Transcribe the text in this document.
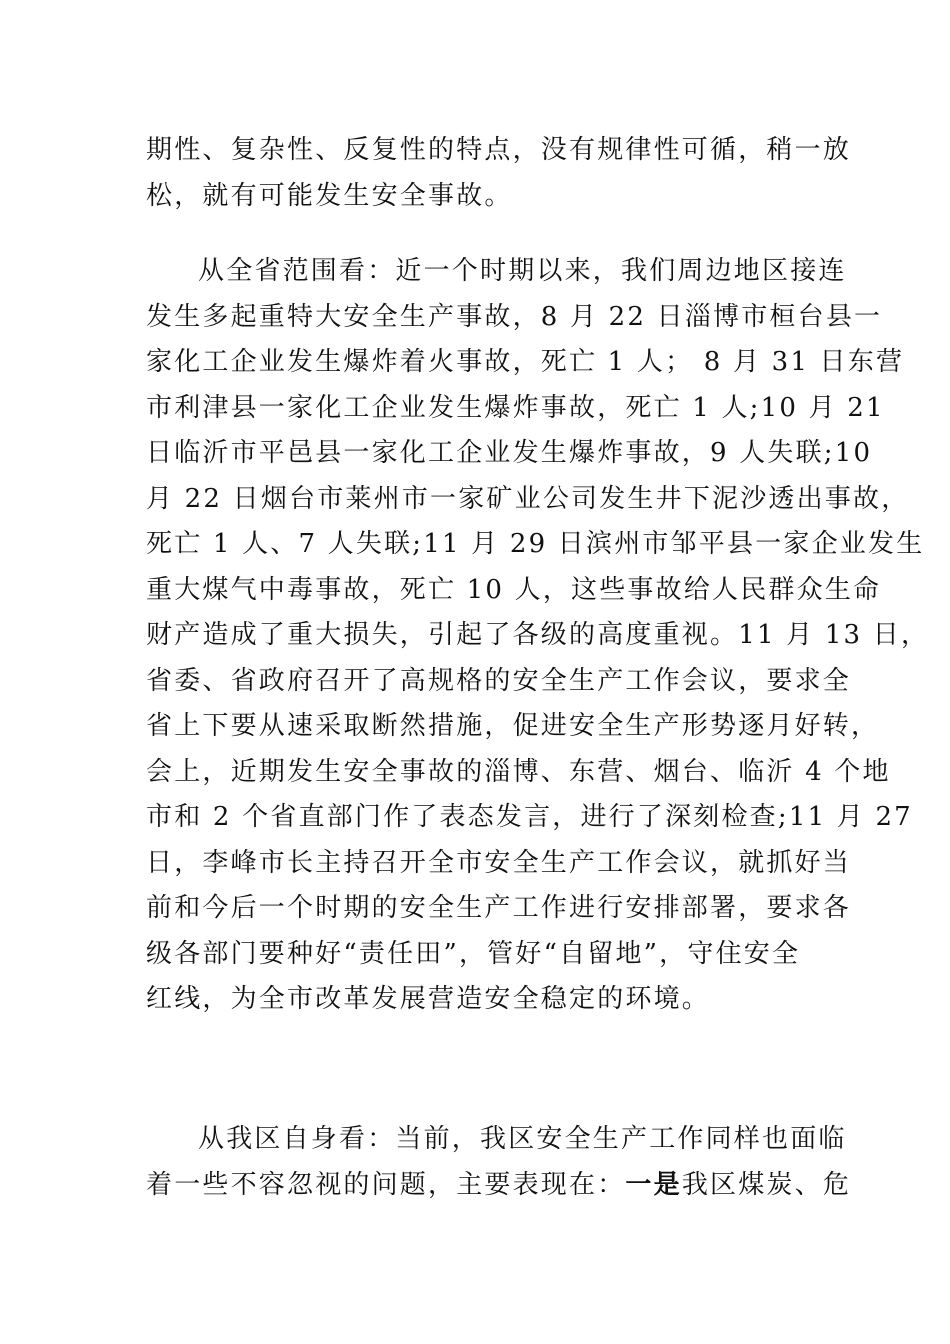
期性、复杂性、反复性的特点，没有规律性可循，稍一放
松，就有可能发生安全事故。
从全省范围看：近一个时期以来，我们周边地区接连
发生多起重特大安全生产事故，8 月 22 日淄博市桓台县一
家化工企业发生爆炸着火事故，死亡 1 人； 8 月 31 日东营
市利津县一家化工企业发生爆炸事故，死亡 1 人;10 月 21
日临沂市平邑县一家化工企业发生爆炸事故，9 人失联;10
月 22 日烟台市莱州市一家矿业公司发生井下泥沙透出事故，
死亡 1 人、7 人失联;11 月 29 日滨州市邹平县一家企业发生
重大煤气中毒事故，死亡 10 人，这些事故给人民群众生命
财产造成了重大损失，引起了各级的高度重视。11 月 13 日，
省委、省政府召开了高规格的安全生产工作会议，要求全
省上下要从速采取断然措施，促进安全生产形势逐月好转，
会上，近期发生安全事故的淄博、东营、烟台、临沂 4 个地
市和 2 个省直部门作了表态发言，进行了深刻检查;11 月 27
日，李峰市长主持召开全市安全生产工作会议，就抓好当
前和今后一个时期的安全生产工作进行安排部署，要求各
级各部门要种好“责任田”，管好“自留地”，守住安全
红线，为全市改革发展营造安全稳定的环境。
从我区自身看：当前，我区安全生产工作同样也面临
着一些不容忽视的问题，主要表现在：一是我区煤炭、危
